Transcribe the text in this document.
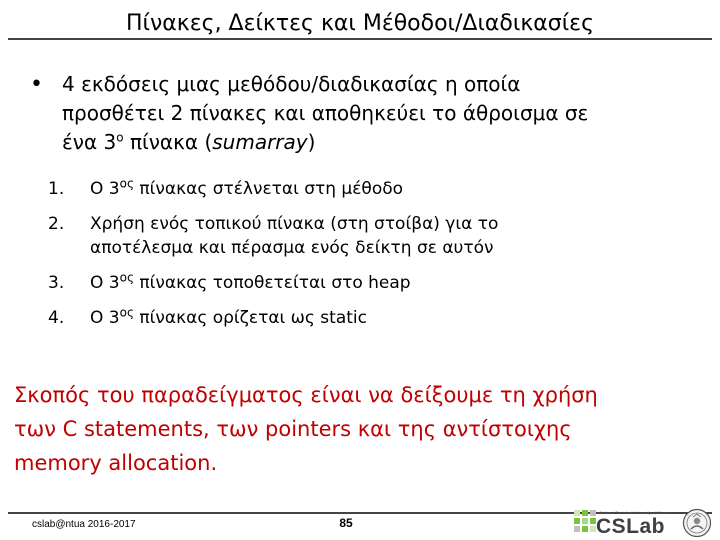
Πίνακες, Δείκτες και Μέθοδοι/Διαδικασίες
• 4 εκδόσεις μιας μεθόδου/διαδικασίας η οποία
προσθέτει 2 πίνακες και αποθηκεύει το άθροισμα σε
ένα $3^o$ πίνακα (sumarray)
1.	Ο $3^{o\varsigma}$ πίνακας στέλνεται στη μέθοδο
2.	Χρήση ενός τοπικού πίνακα (στη στοίβα) για το
αποτέλεσμα και πέρασμα ενός δείκτη σε αυτόν
3.	Ο $3^{o\varsigma}$ πίνακας τοποθετείται στο heap
4.	Ο $3^{o\varsigma}$ πίνακας ορίζεται ως static
Σκοπός του παραδείγματος είναι να δείξουμε τη χρήση
των C statements, των pointers και της αντίστοιχης
memory allocation.
cslab@ntua 2016-2017	85
National Technical University of Athens
CSLab
